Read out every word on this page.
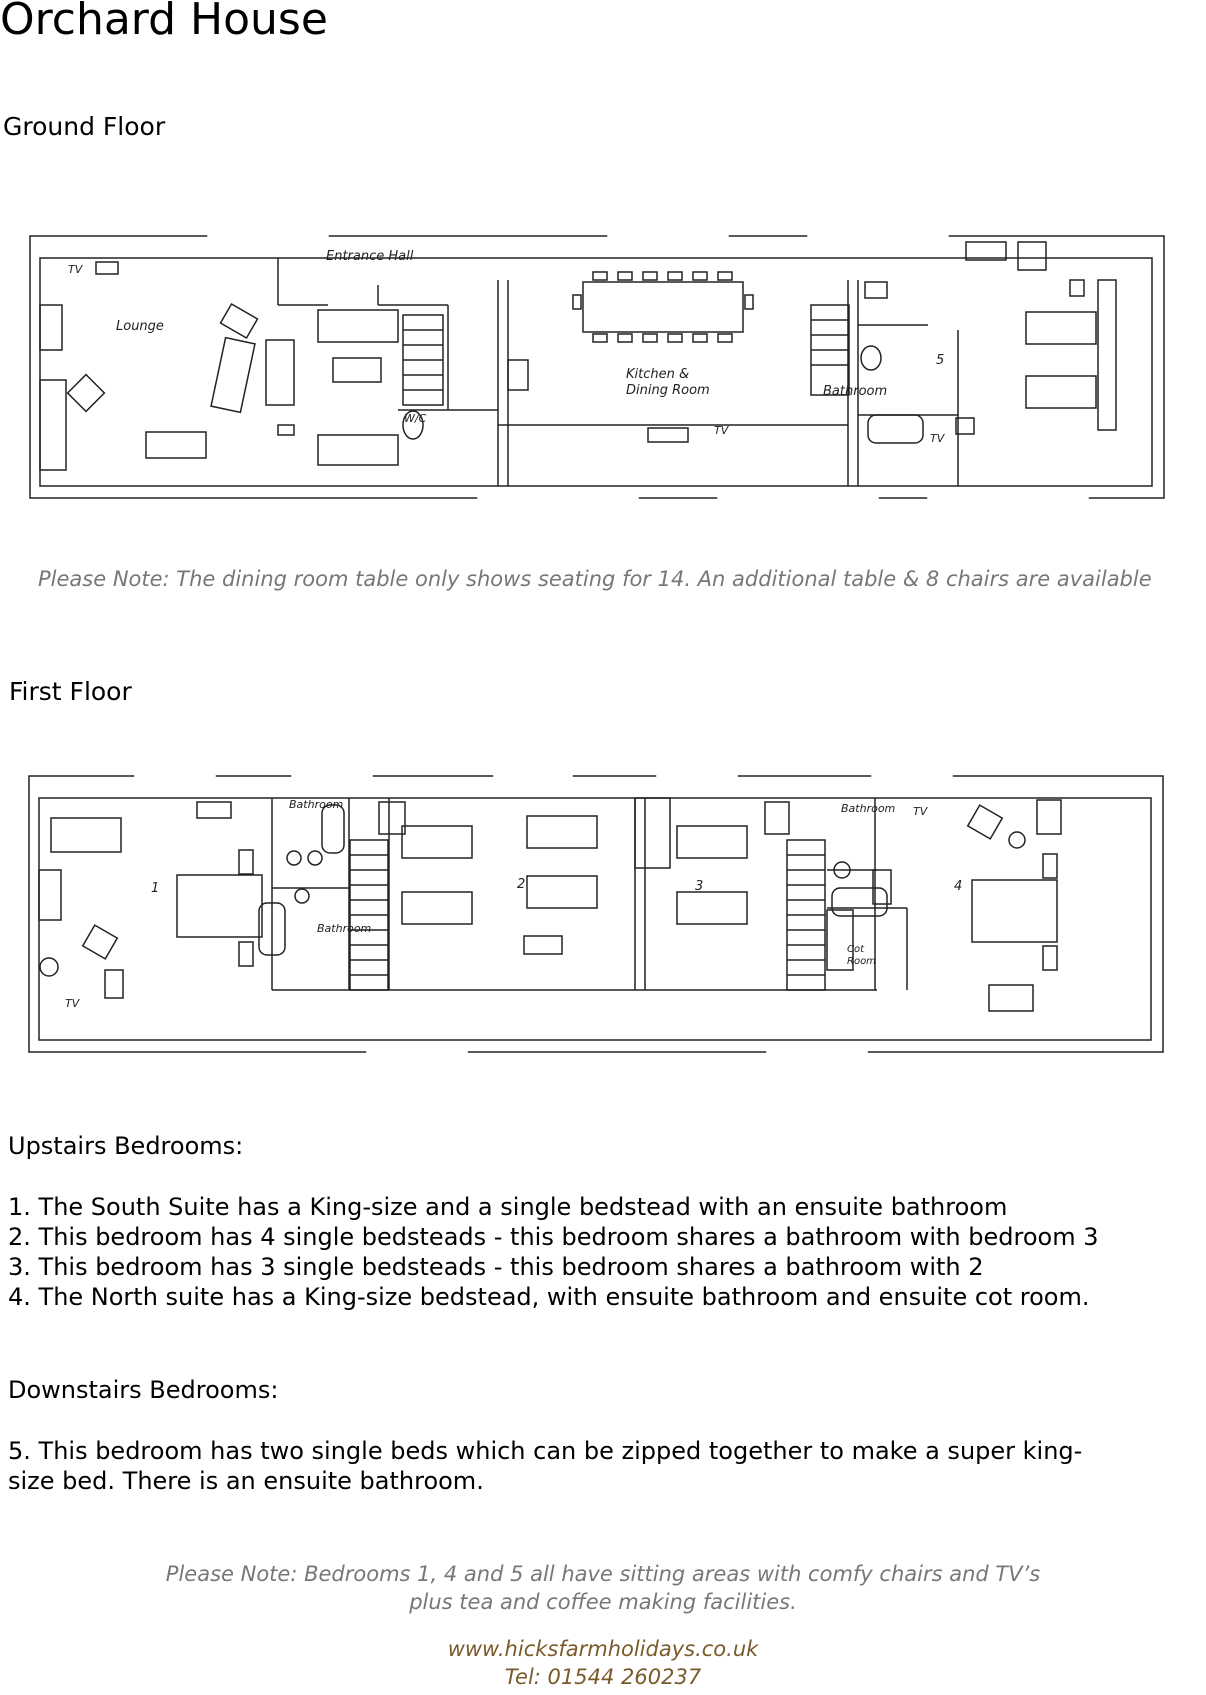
Orchard House
Ground Floor
TV
Lounge
Entrance Hall
W/C
Kitchen &
Dining Room
TV
Bathroom
5
TV
Please Note: The dining room table only shows seating for 14. An additional table & 8 chairs are available
First Floor
Bathroom
Bathroom
Bathroom TV
TV
1	2	3	4
Cot
Room
Upstairs Bedrooms:
1. The South Suite has a King-size and a single bedstead with an ensuite bathroom
2. This bedroom has 4 single bedsteads - this bedroom shares a bathroom with bedroom 3
3. This bedroom has 3 single bedsteads - this bedroom shares a bathroom with 2
4. The North suite has a King-size bedstead, with ensuite bathroom and ensuite cot room.
Downstairs Bedrooms:
5. This bedroom has two single beds which can be zipped together to make a super king-
size bed. There is an ensuite bathroom.
Please Note: Bedrooms 1, 4 and 5 all have sitting areas with comfy chairs and TV’s
plus tea and coffee making facilities.
www.hicksfarmholidays.co.uk
Tel: 01544 260237
